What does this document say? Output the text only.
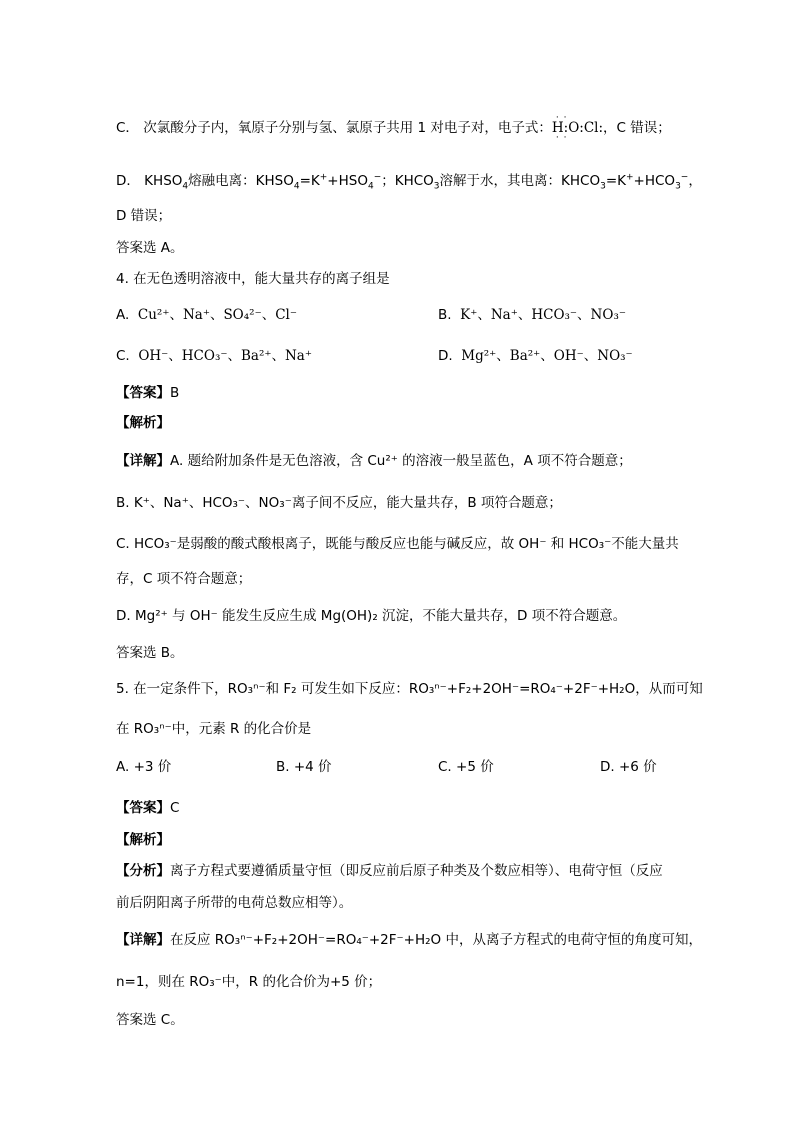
C． 次氯酸分子内，氧原子分别与氢、氯原子共用 1 对电子对，电子式：· · H:O:Cl: · ·，C 错误；
D． $KHSO_4$熔融电离：$KHSO_4=K^++HSO_4^-$；$KHCO_3$溶解于水，其电离：$KHCO_3=K^++HCO_3^-$，
D 错误；
答案选 A。
4. 在无色透明溶液中，能大量共存的离子组是
A. Cu²⁺、Na⁺、SO₄²⁻、Cl⁻	B. K⁺、Na⁺、HCO₃⁻、NO₃⁻
C. OH⁻、HCO₃⁻、Ba²⁺、Na⁺	D. Mg²⁺、Ba²⁺、OH⁻、NO₃⁻
【答案】B
【解析】
【详解】A. 题给附加条件是无色溶液，含 Cu²⁺ 的溶液一般呈蓝色，A 项不符合题意；
B. K⁺、Na⁺、HCO₃⁻、NO₃⁻离子间不反应，能大量共存，B 项符合题意；
C. HCO₃⁻是弱酸的酸式酸根离子，既能与酸反应也能与碱反应，故 OH⁻ 和 HCO₃⁻不能大量共
存，C 项不符合题意；
D. Mg²⁺ 与 OH⁻ 能发生反应生成 Mg(OH)₂ 沉淀，不能大量共存，D 项不符合题意。
答案选 B。
5. 在一定条件下，RO₃ⁿ⁻和 F₂ 可发生如下反应：RO₃ⁿ⁻+F₂+2OH⁻=RO₄⁻+2F⁻+H₂O，从而可知
在 RO₃ⁿ⁻中，元素 R 的化合价是
A. +3 价	B. +4 价	C. +5 价	D. +6 价
【答案】C
【解析】
【分析】离子方程式要遵循质量守恒（即反应前后原子种类及个数应相等）、电荷守恒（反应
前后阴阳离子所带的电荷总数应相等）。
【详解】在反应 RO₃ⁿ⁻+F₂+2OH⁻=RO₄⁻+2F⁻+H₂O 中，从离子方程式的电荷守恒的角度可知，
n=1，则在 RO₃⁻中，R 的化合价为+5 价；
答案选 C。
